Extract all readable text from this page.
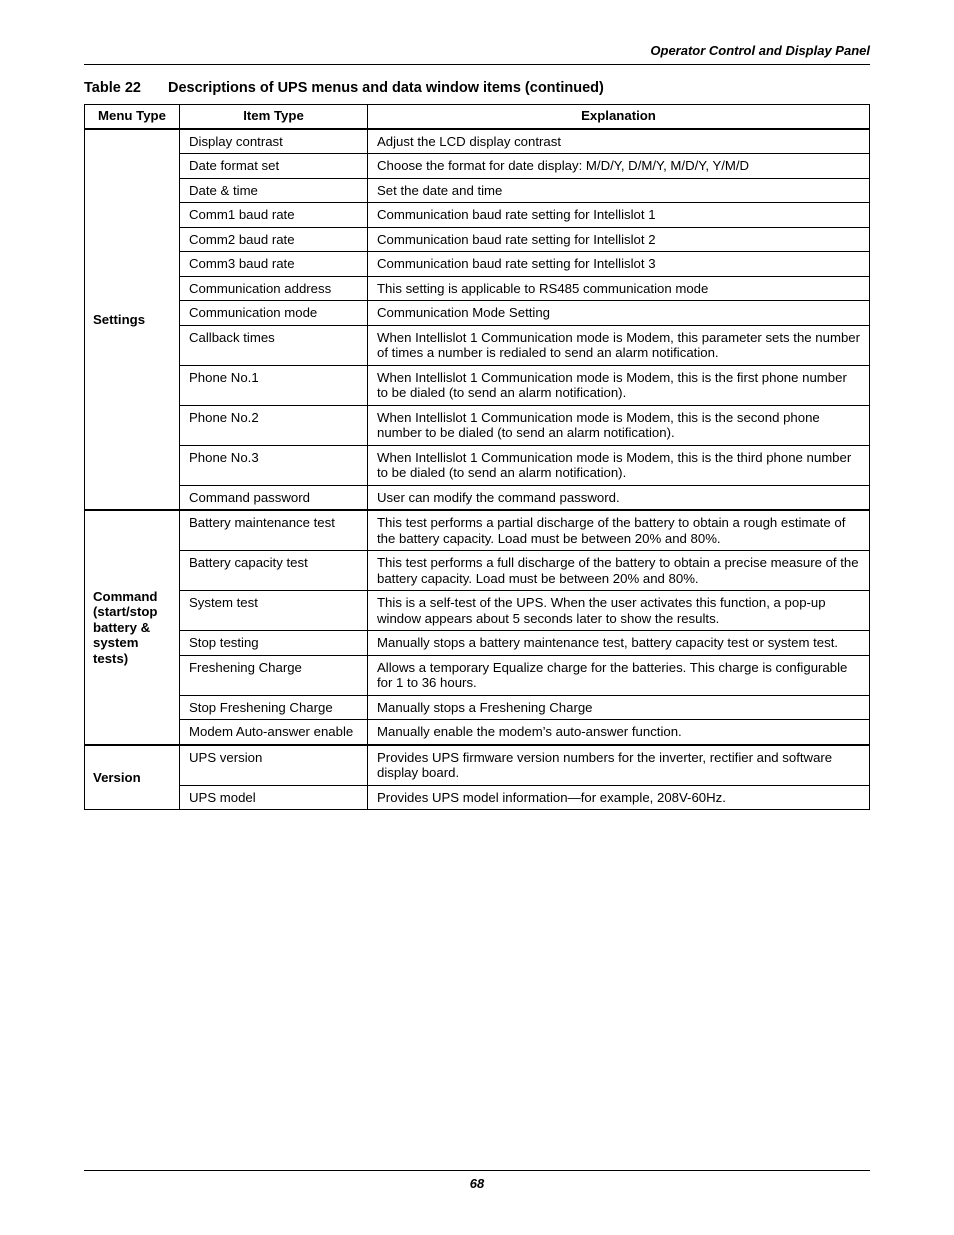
Operator Control and Display Panel
Table 22 Descriptions of UPS menus and data window items (continued)
Menu Type	Item Type	Explanation
Settings	Display contrast	Adjust the LCD display contrast
	Date format set	Choose the format for date display: M/D/Y, D/M/Y, M/D/Y, Y/M/D
	Date & time	Set the date and time
	Comm1 baud rate	Communication baud rate setting for Intellislot 1
	Comm2 baud rate	Communication baud rate setting for Intellislot 2
	Comm3 baud rate	Communication baud rate setting for Intellislot 3
	Communication address	This setting is applicable to RS485 communication mode
	Communication mode	Communication Mode Setting
	Callback times	When Intellislot 1 Communication mode is Modem, this parameter sets the number of times a number is redialed to send an alarm notification.
	Phone No.1	When Intellislot 1 Communication mode is Modem, this is the first phone number to be dialed (to send an alarm notification).
	Phone No.2	When Intellislot 1 Communication mode is Modem, this is the second phone number to be dialed (to send an alarm notification).
	Phone No.3	When Intellislot 1 Communication mode is Modem, this is the third phone number to be dialed (to send an alarm notification).
	Command password	User can modify the command password.
Command (start/stop battery & system tests)	Battery maintenance test	This test performs a partial discharge of the battery to obtain a rough estimate of the battery capacity. Load must be between 20% and 80%.
	Battery capacity test	This test performs a full discharge of the battery to obtain a precise measure of the battery capacity. Load must be between 20% and 80%.
	System test	This is a self-test of the UPS. When the user activates this function, a pop-up window appears about 5 seconds later to show the results.
	Stop testing	Manually stops a battery maintenance test, battery capacity test or system test.
	Freshening Charge	Allows a temporary Equalize charge for the batteries. This charge is configurable for 1 to 36 hours.
	Stop Freshening Charge	Manually stops a Freshening Charge
	Modem Auto-answer enable	Manually enable the modem’s auto-answer function.
Version	UPS version	Provides UPS firmware version numbers for the inverter, rectifier and software display board.
	UPS model	Provides UPS model information—for example, 208V-60Hz.
68
